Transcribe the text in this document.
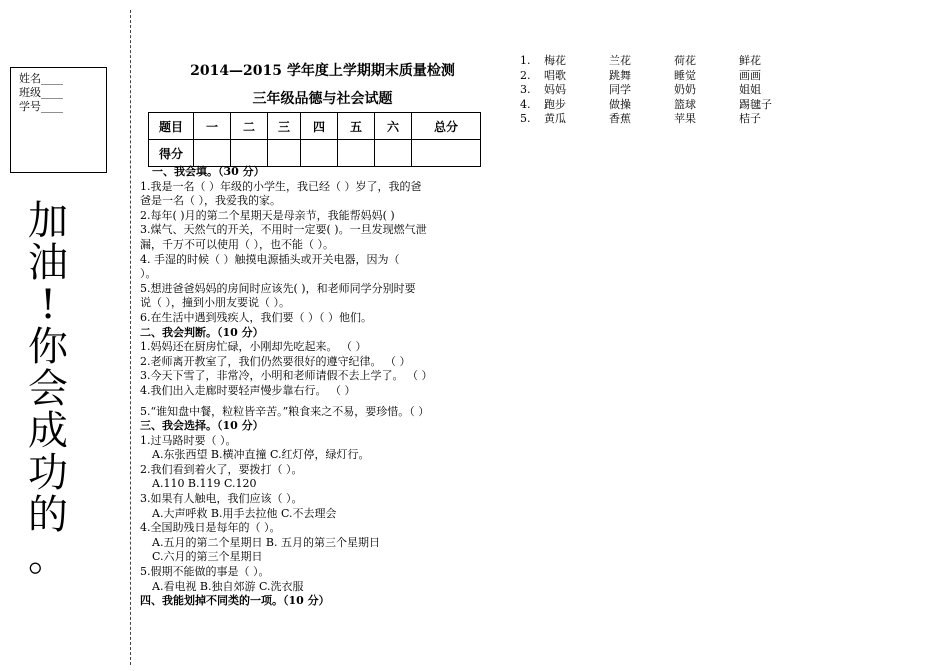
姓名____
班级____
学号____
加
油
!
你
会
成
功
的
。
2014—2015 学年度上学期期末质量检测
三年级品德与社会试题
题目	一	二	三	四	五	六	总分
得分							
一、我会填。（30 分）
1.我是一名（ ）年级的小学生，我已经（ ）岁了，我的爸
爸是一名（ ），我爱我的家。
2.每年( )月的第二个星期天是母亲节，我能帮妈妈( )
3.煤气、天然气的开关，不用时一定要( )。一旦发现燃气泄
漏，千万不可以使用（ ），也不能（ ）。
4. 手湿的时候（ ）触摸电源插头或开关电器，因为（
）。
5.想进爸爸妈妈的房间时应该先( )，和老师同学分别时要
说（ ），撞到小朋友要说（ ）。
6.在生活中遇到残疾人，我们要（ ）（ ）他们。
二、我会判断。（10 分）
1.妈妈还在厨房忙碌，小刚却先吃起来。 （ ）
2.老师离开教室了，我们仍然要很好的遵守纪律。 （ ）
3.今天下雪了，非常冷，小明和老师请假不去上学了。 （ ）
4.我们出入走廊时要轻声慢步靠右行。 （ ）
5.“谁知盘中餐，粒粒皆辛苦。”粮食来之不易，要珍惜。（ ）
三、我会选择。（10 分）
1.过马路时要（ ）。
A.东张西望 B.横冲直撞 C.红灯停，绿灯行。
2.我们看到着火了，要拨打（ ）。
A.110 B.119 C.120
3.如果有人触电，我们应该（ ）。
A.大声呼救 B.用手去拉他 C.不去理会
4.全国助残日是每年的（ ）。
A.五月的第二个星期日 B. 五月的第三个星期日
C.六月的第三个星期日
5.假期不能做的事是（ ）。
A.看电视 B.独自郊游 C.洗衣服
四、我能划掉不同类的一项。（10 分）
1.	梅花	兰花	荷花	鲜花
2.	唱歌	跳舞	睡觉	画画
3.	妈妈	同学	奶奶	姐姐
4.	跑步	做操	篮球	踢毽子
5.	黄瓜	香蕉	苹果	桔子
